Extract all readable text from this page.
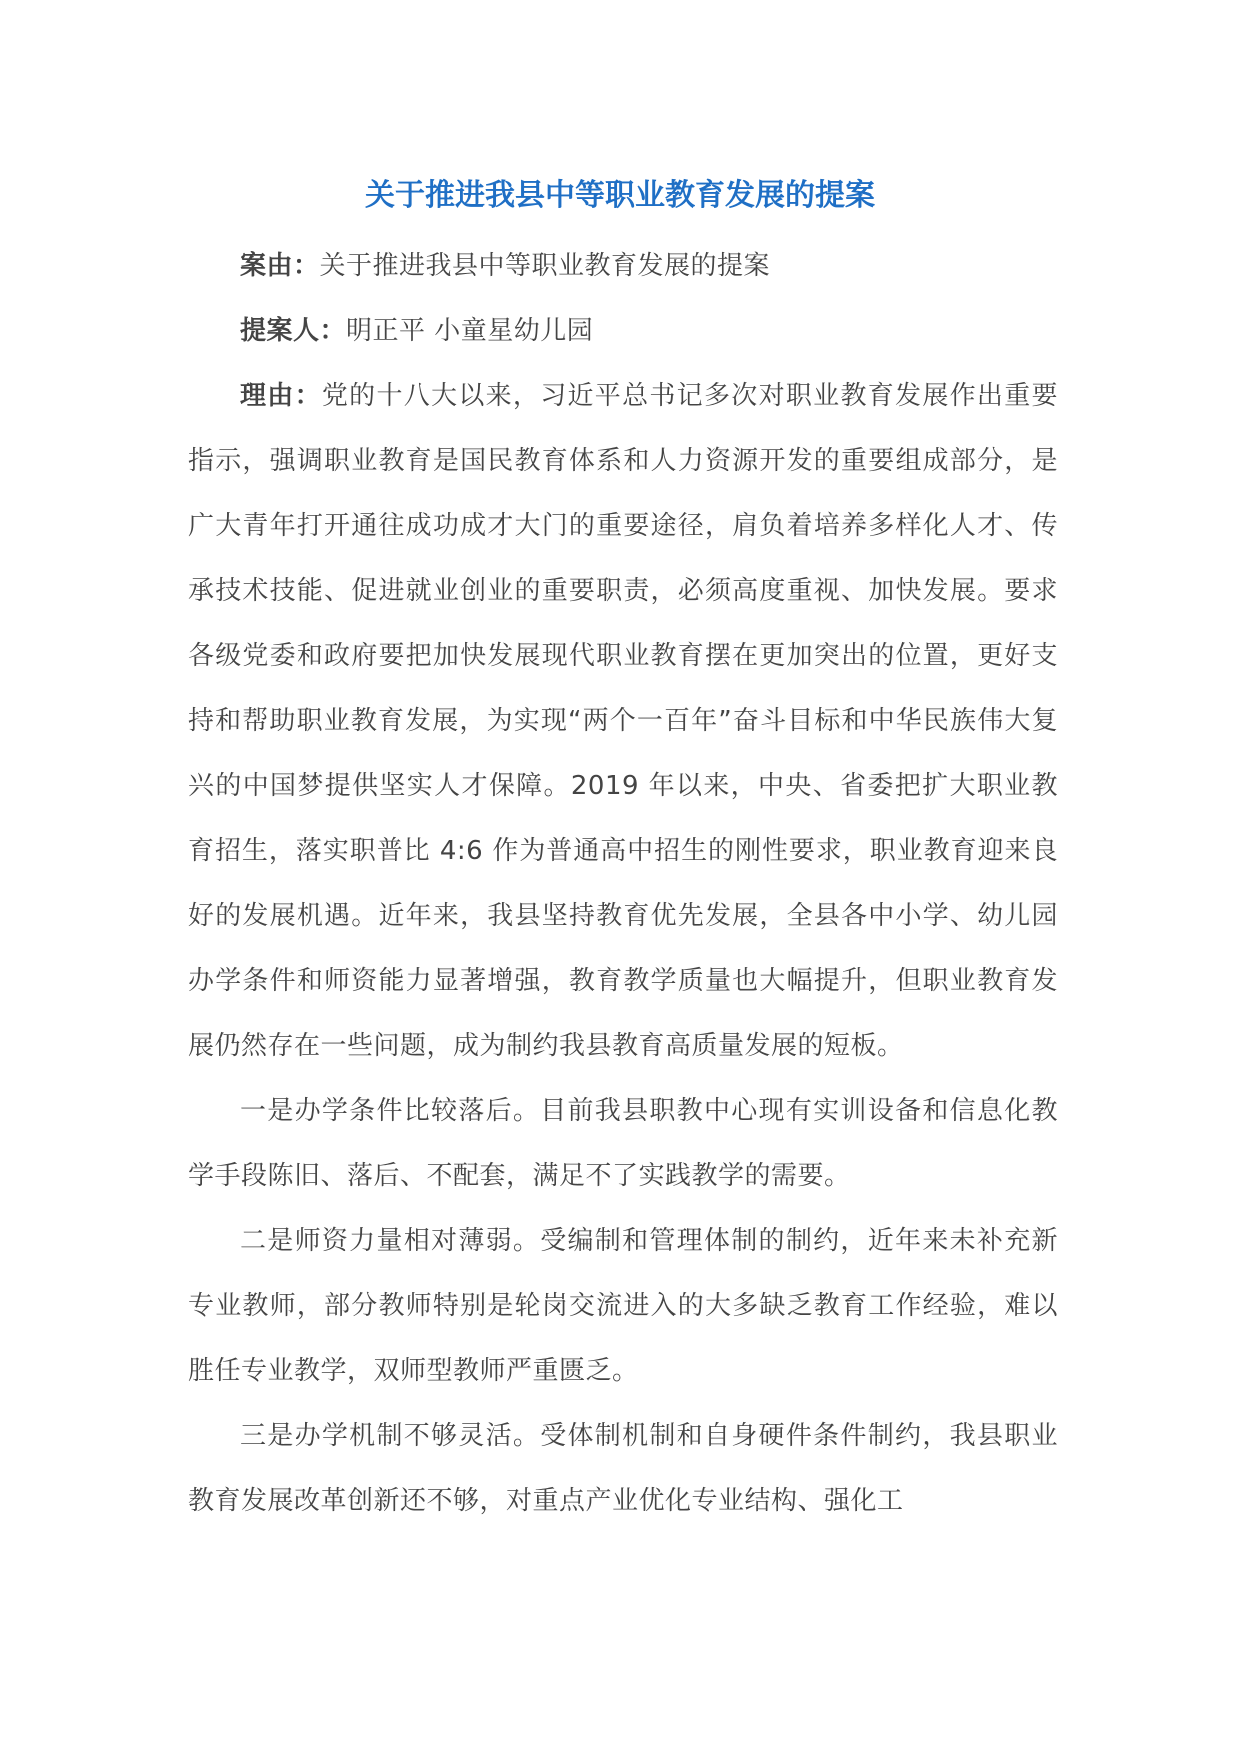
关于推进我县中等职业教育发展的提案

案由：关于推进我县中等职业教育发展的提案

提案人：明正平 小童星幼儿园

理由：党的十八大以来，习近平总书记多次对职业教育发展作出重要指示，强调职业教育是国民教育体系和人力资源开发的重要组成部分，是广大青年打开通往成功成才大门的重要途径，肩负着培养多样化人才、传承技术技能、促进就业创业的重要职责，必须高度重视、加快发展。要求各级党委和政府要把加快发展现代职业教育摆在更加突出的位置，更好支持和帮助职业教育发展，为实现“两个一百年”奋斗目标和中华民族伟大复兴的中国梦提供坚实人才保障。2019 年以来，中央、省委把扩大职业教育招生，落实职普比 4:6 作为普通高中招生的刚性要求，职业教育迎来良好的发展机遇。近年来，我县坚持教育优先发展，全县各中小学、幼儿园办学条件和师资能力显著增强，教育教学质量也大幅提升，但职业教育发展仍然存在一些问题，成为制约我县教育高质量发展的短板。

一是办学条件比较落后。目前我县职教中心现有实训设备和信息化教学手段陈旧、落后、不配套，满足不了实践教学的需要。

二是师资力量相对薄弱。受编制和管理体制的制约，近年来未补充新专业教师，部分教师特别是轮岗交流进入的大多缺乏教育工作经验，难以胜任专业教学，双师型教师严重匮乏。

三是办学机制不够灵活。受体制机制和自身硬件条件制约，我县职业教育发展改革创新还不够，对重点产业优化专业结构、强化工
